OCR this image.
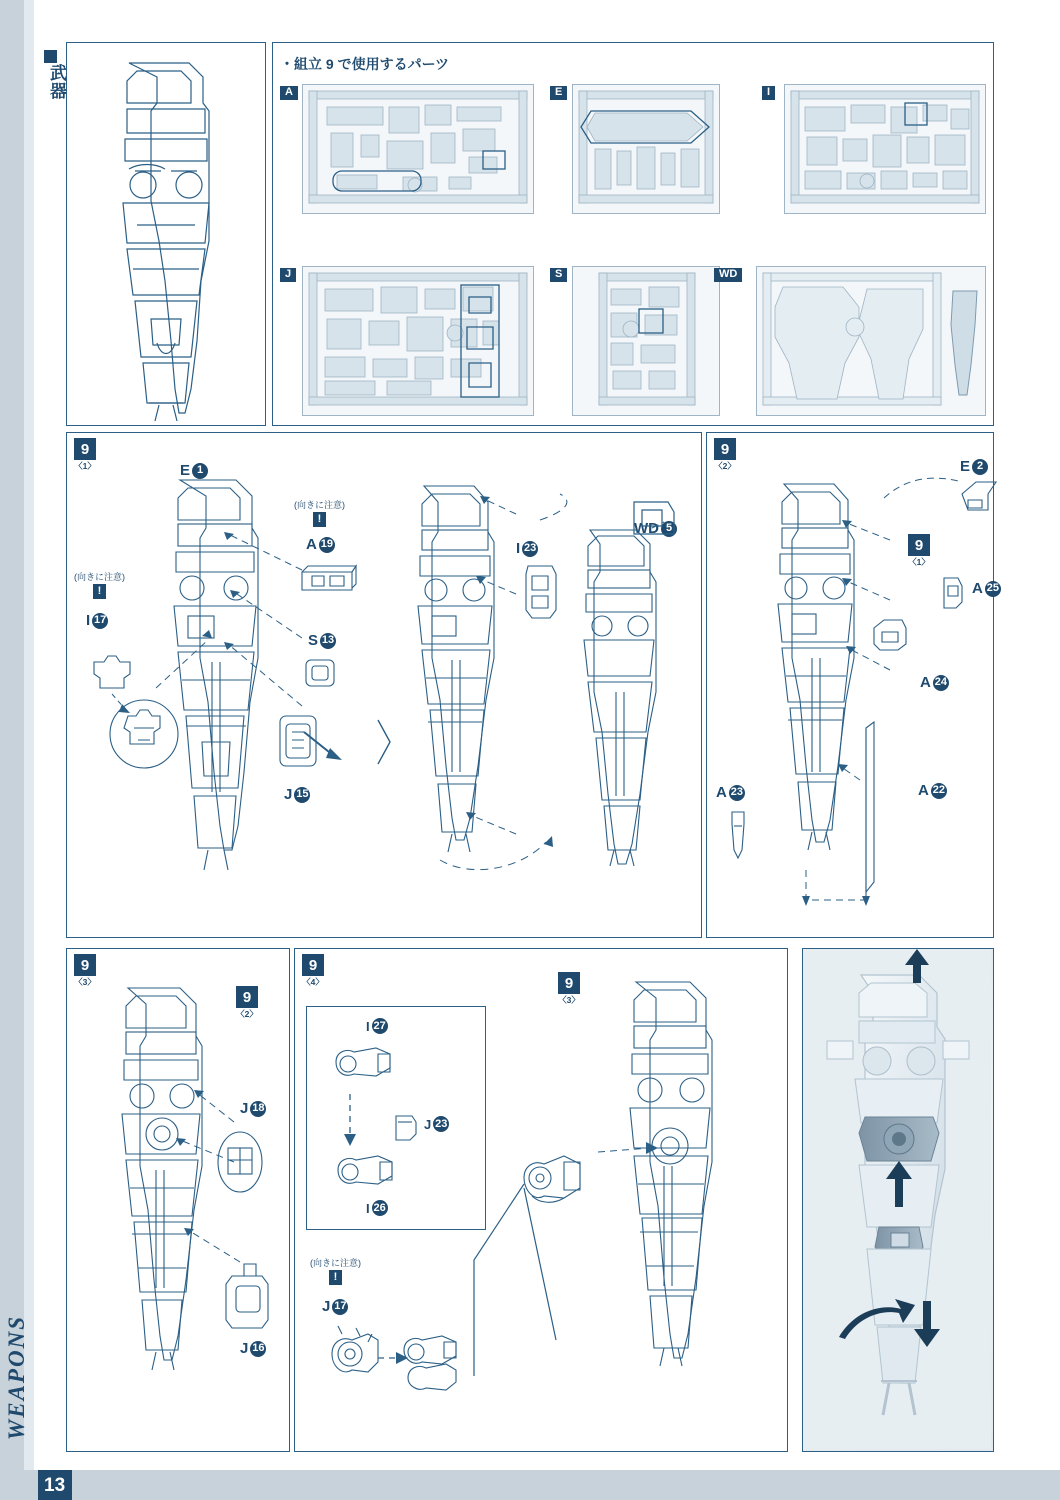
13
WEAPONS
武器	・組立 9 で使用するパーツ
A	E	I
J	S	WD
9
〈1〉	E 1
(向きに注意)
!
A 19
S 13
J 15
(向きに注意)
!
I 17
I 23
WD 5
9
〈2〉	E 2
9
〈1〉
A 25
A 24
A 23	A 22
9
〈3〉
9
〈2〉
J 18
J 16
9
〈4〉
I 27
J 23
I 26
(向きに注意)
!
J 17
9
〈3〉
